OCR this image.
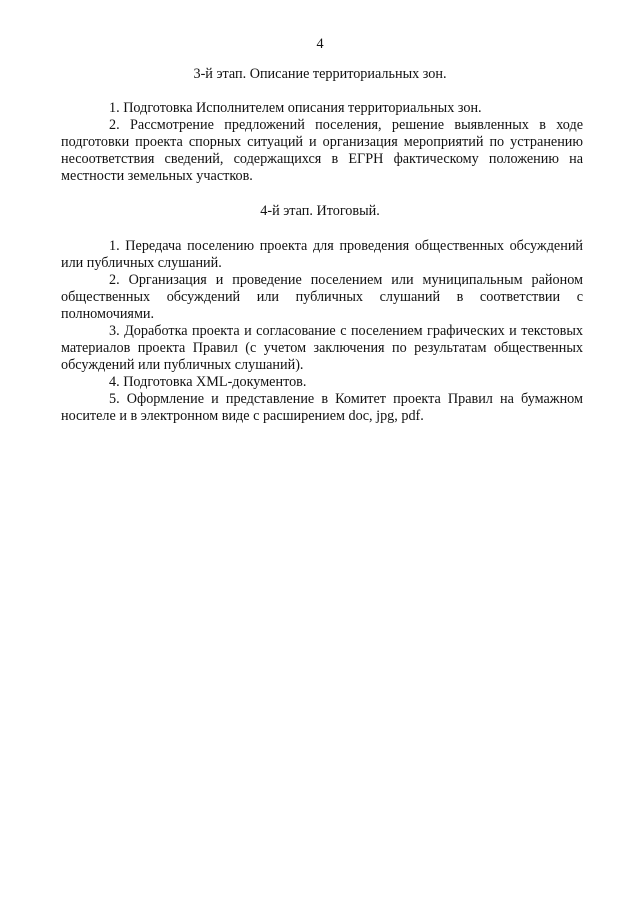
4
3-й этап. Описание территориальных зон.

1. Подготовка Исполнителем описания территориальных зон.

2. Рассмотрение предложений поселения, решение выявленных в ходе подготовки проекта спорных ситуаций и организация мероприятий по устранению несоответствия сведений, содержащихся в ЕГРН фактическому положению на местности земельных участков.

4-й этап. Итоговый.

1. Передача поселению проекта для проведения общественных обсуждений или публичных слушаний.

2. Организация и проведение поселением или муниципальным районом общественных обсуждений или публичных слушаний в соответствии с полномочиями.

3. Доработка проекта и согласование с поселением графических и текстовых материалов проекта Правил (с учетом заключения по результатам общественных обсуждений или публичных слушаний).

4. Подготовка XML-документов.

5. Оформление и представление в Комитет проекта Правил на бумажном носителе и в электронном виде с расширением doc, jpg, pdf.
